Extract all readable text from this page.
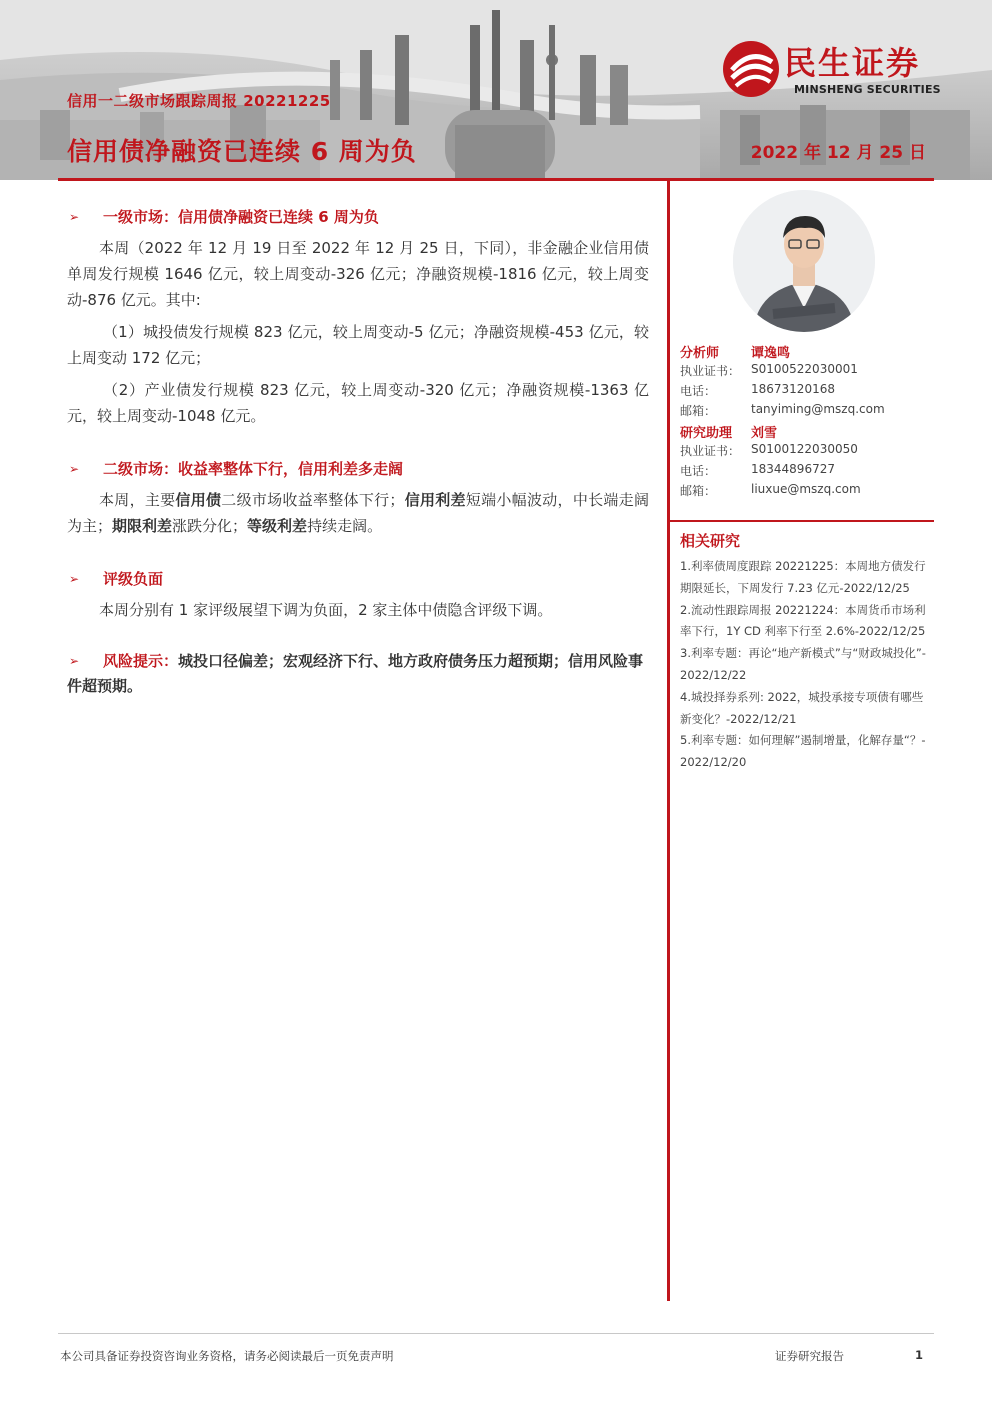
信用一二级市场跟踪周报 20221225
信用债净融资已连续 6 周为负	2022 年 12 月 25 日
民生证券
MINSHENG SECURITIES
➢ 一级市场：信用债净融资已连续 6 周为负

本周（2022 年 12 月 19 日至 2022 年 12 月 25 日，下同），非金融企业信用债单周发行规模 1646 亿元，较上周变动-326 亿元；净融资规模-1816 亿元，较上周变动-876 亿元。其中:

（1）城投债发行规模 823 亿元，较上周变动-5 亿元；净融资规模-453 亿元，较上周变动 172 亿元；

（2）产业债发行规模 823 亿元，较上周变动-320 亿元；净融资规模-1363 亿元，较上周变动-1048 亿元。

➢ 二级市场：收益率整体下行，信用利差多走阔

本周，主要信用债二级市场收益率整体下行；信用利差短端小幅波动，中长端走阔为主；期限利差涨跌分化；等级利差持续走阔。

➢ 评级负面

本周分别有 1 家评级展望下调为负面，2 家主体中债隐含评级下调。

➢ 风险提示：城投口径偏差；宏观经济下行、地方政府债务压力超预期；信用风险事件超预期。
分析师 谭逸鸣
执业证书： S0100522030001
电话：	18673120168
邮箱：	tanyiming@mszq.com
研究助理 刘雪
执业证书： S0100122030050
电话：	18344896727
邮箱：	liuxue@mszq.com
相关研究
1.利率债周度跟踪 20221225：本周地方债发行期限延长，下周发行 7.23 亿元-2022/12/25
2.流动性跟踪周报 20221224：本周货币市场利率下行，1Y CD 利率下行至 2.6%-2022/12/25
3.利率专题：再论“地产新模式”与“财政城投化”-2022/12/22
4.城投择券系列: 2022，城投承接专项债有哪些新变化？-2022/12/21
5.利率专题：如何理解”遏制增量，化解存量“？-2022/12/20
本公司具备证券投资咨询业务资格，请务必阅读最后一页免责声明	证券研究报告	1
